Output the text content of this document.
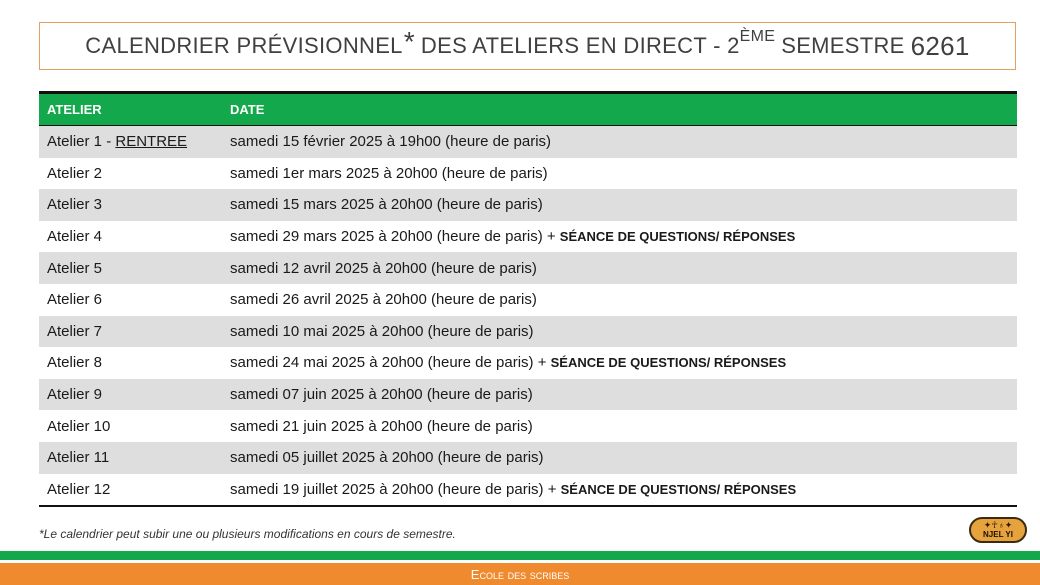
CALENDRIER PRÉVISIONNEL * DES ATELIERS EN DIRECT - 2 ÈME SEMESTRE 6261
ATELIER	DATE
Atelier 1 - RENTREE	samedi 15 février 2025 à 19h00 (heure de paris)
Atelier 2	samedi 1er mars 2025 à 20h00 (heure de paris)
Atelier 3	samedi 15 mars 2025 à 20h00 (heure de paris)
Atelier 4	samedi 29 mars 2025 à 20h00 (heure de paris) + SÉANCE DE QUESTIONS/ RÉPONSES
Atelier 5	samedi 12 avril 2025 à 20h00 (heure de paris)
Atelier 6	samedi 26 avril 2025 à 20h00 (heure de paris)
Atelier 7	samedi 10 mai 2025 à 20h00 (heure de paris)
Atelier 8	samedi 24 mai 2025 à 20h00 (heure de paris) + SÉANCE DE QUESTIONS/ RÉPONSES
Atelier 9	samedi 07 juin 2025 à 20h00 (heure de paris)
Atelier 10	samedi 21 juin 2025 à 20h00 (heure de paris)
Atelier 11	samedi 05 juillet 2025 à 20h00 (heure de paris)
Atelier 12	samedi 19 juillet 2025 à 20h00 (heure de paris) + SÉANCE DE QUESTIONS/ RÉPONSES
*Le calendrier peut subir une ou plusieurs modifications en cours de semestre.
✦☥♁✦
NJEL YI
Ecole des scribes
